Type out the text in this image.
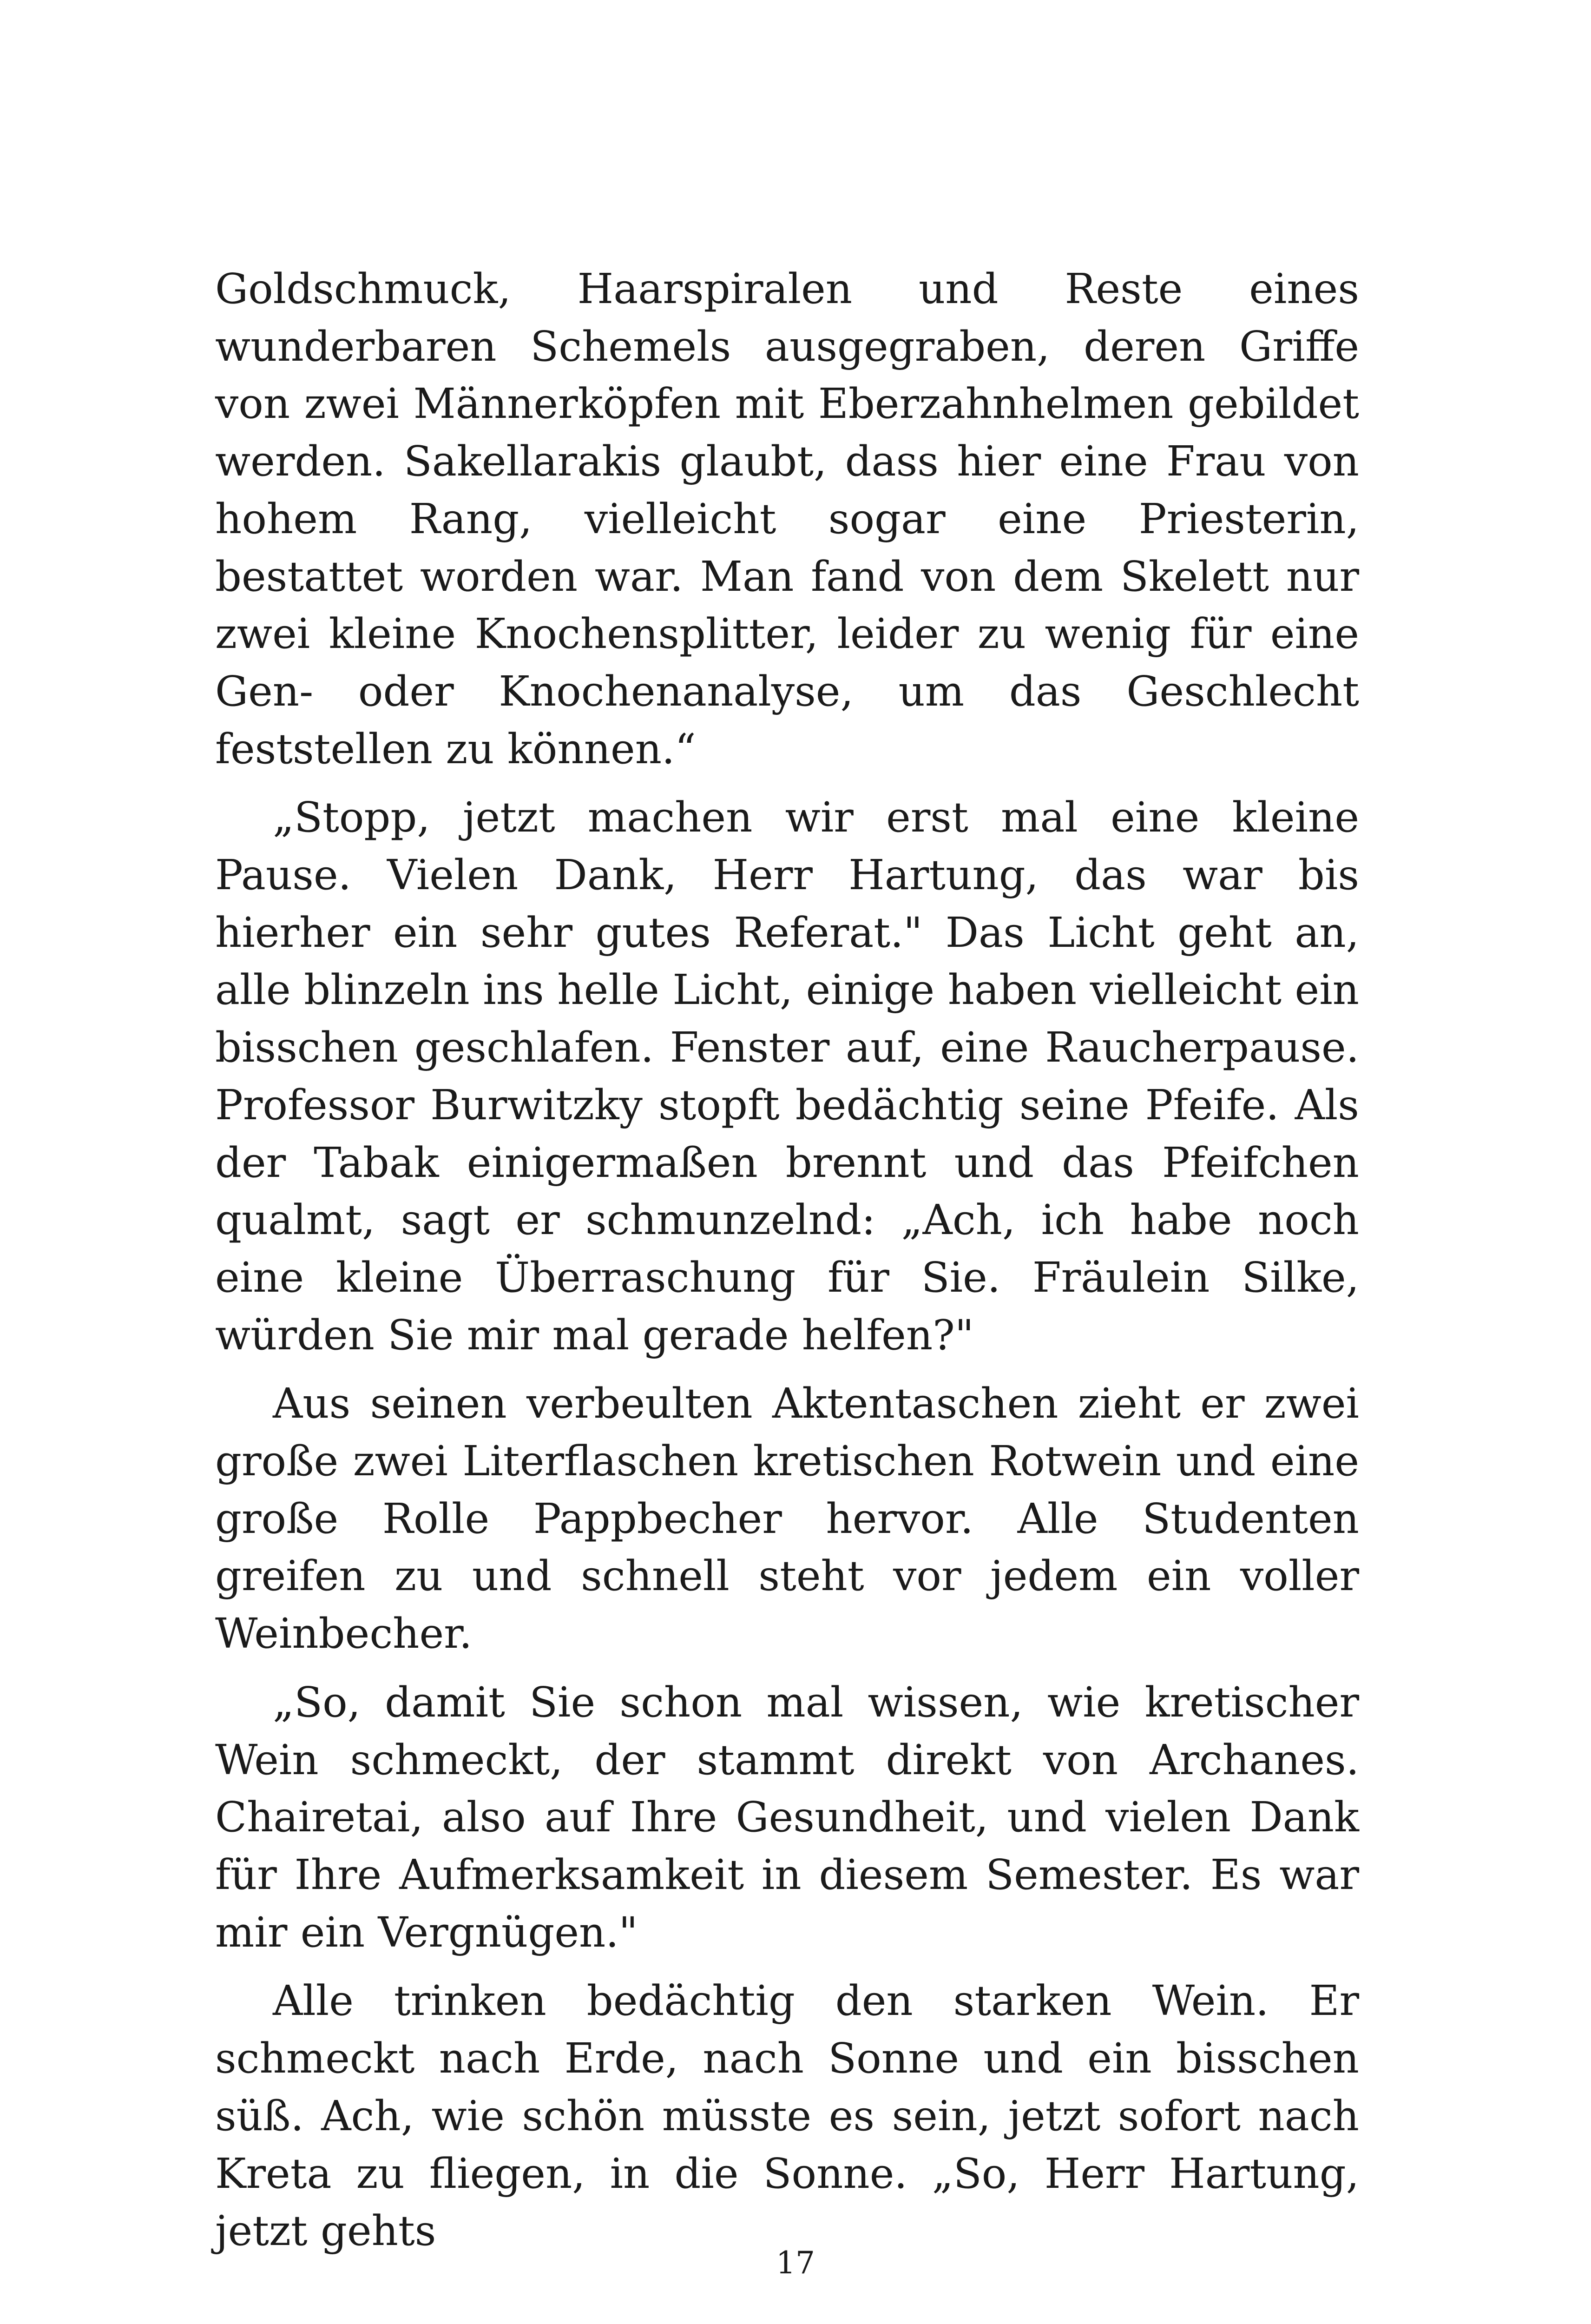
Goldschmuck, Haarspiralen und Reste eines wunderbaren Schemels ausgegraben, deren Griffe von zwei Männerköpfen mit Eberzahnhelmen gebildet werden. Sakellarakis glaubt, dass hier eine Frau von hohem Rang, vielleicht sogar eine Priesterin, bestattet worden war. Man fand von dem Skelett nur zwei kleine Knochensplitter, leider zu wenig für eine Gen- oder Knochenanalyse, um das Geschlecht feststellen zu können.“

„Stopp, jetzt machen wir erst mal eine kleine Pause. Vielen Dank, Herr Hartung, das war bis hierher ein sehr gutes Referat." Das Licht geht an, alle blinzeln ins helle Licht, einige haben vielleicht ein bisschen geschlafen. Fenster auf, eine Raucherpause. Professor Burwitzky stopft bedächtig seine Pfeife. Als der Tabak einigermaßen brennt und das Pfeifchen qualmt, sagt er schmunzelnd: „Ach, ich habe noch eine kleine Überraschung für Sie. Fräulein Silke, würden Sie mir mal gerade helfen?"

Aus seinen verbeulten Aktentaschen zieht er zwei große zwei Literflaschen kretischen Rotwein und eine große Rolle Pappbecher hervor. Alle Studenten greifen zu und schnell steht vor jedem ein voller Weinbecher.

„So, damit Sie schon mal wissen, wie kretischer Wein schmeckt, der stammt direkt von Archanes. Chairetai, also auf Ihre Gesundheit, und vielen Dank für Ihre Aufmerksamkeit in diesem Semester. Es war mir ein Vergnügen."

Alle trinken bedächtig den starken Wein. Er schmeckt nach Erde, nach Sonne und ein bisschen süß. Ach, wie schön müsste es sein, jetzt sofort nach Kreta zu fliegen, in die Sonne. „So, Herr Hartung, jetzt gehts

17
